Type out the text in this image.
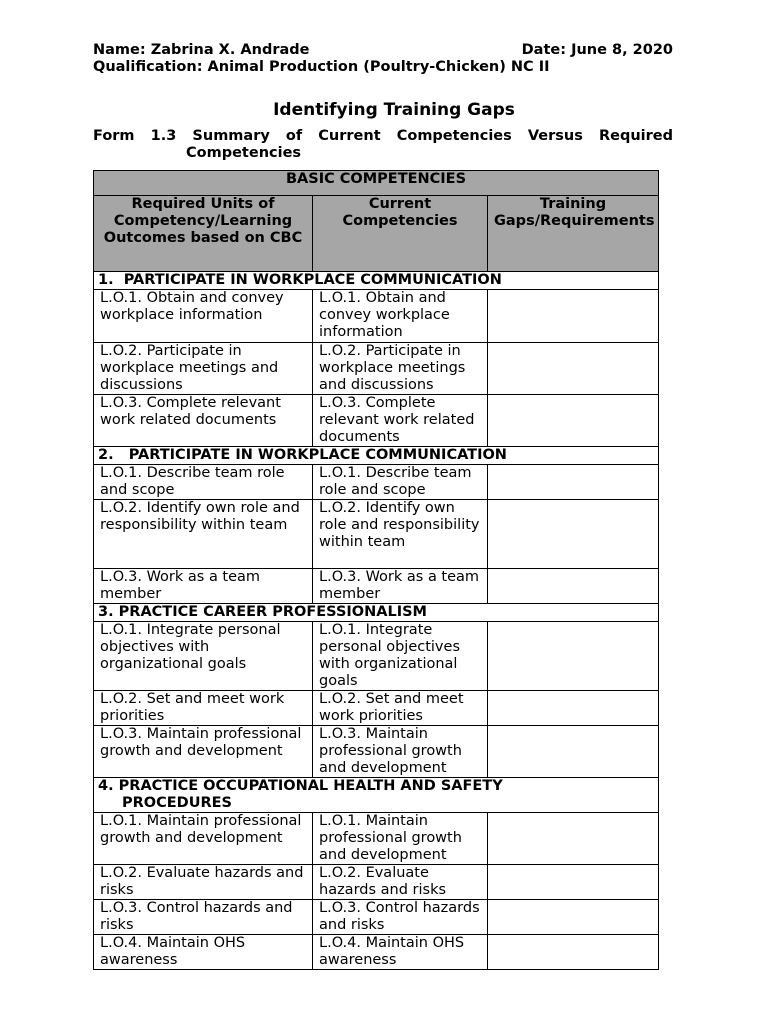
Name: Zabrina X. Andrade	Date: June 8, 2020
Qualification: Animal Production (Poultry-Chicken) NC II
Identifying Training Gaps
Form 1.3 Summary of Current Competencies Versus Required
Competencies
BASIC COMPETENCIES		
Required Units of Competency/Learning Outcomes based on CBC	Current Competencies	Training Gaps/Requirements
1.  PARTICIPATE IN WORKPLACE COMMUNICATION		
L.O.1. Obtain and convey workplace information	L.O.1. Obtain and convey workplace information	
L.O.2. Participate in workplace meetings and discussions	L.O.2. Participate in workplace meetings and discussions	
L.O.3. Complete relevant work related documents	L.O.3. Complete relevant work related documents	
2.   PARTICIPATE IN WORKPLACE COMMUNICATION		
L.O.1. Describe team role and scope	L.O.1. Describe team role and scope	
L.O.2. Identify own role and responsibility within team	L.O.2. Identify own role and responsibility within team	
L.O.3. Work as a team member	L.O.3. Work as a team member	
3. PRACTICE CAREER PROFESSIONALISM		
L.O.1. Integrate personal objectives with organizational goals	L.O.1. Integrate personal objectives with organizational goals	
L.O.2. Set and meet work priorities	L.O.2. Set and meet work priorities	
L.O.3. Maintain professional growth and development	L.O.3. Maintain professional growth and development	
4. PRACTICE OCCUPATIONAL HEALTH AND SAFETY
PROCEDURES		

L.O.1. Maintain professional growth and development	L.O.1. Maintain professional growth and development	
L.O.2. Evaluate hazards and risks	L.O.2. Evaluate hazards and risks	
L.O.3. Control hazards and risks	L.O.3. Control hazards and risks	
L.O.4. Maintain OHS awareness	L.O.4. Maintain OHS awareness	
